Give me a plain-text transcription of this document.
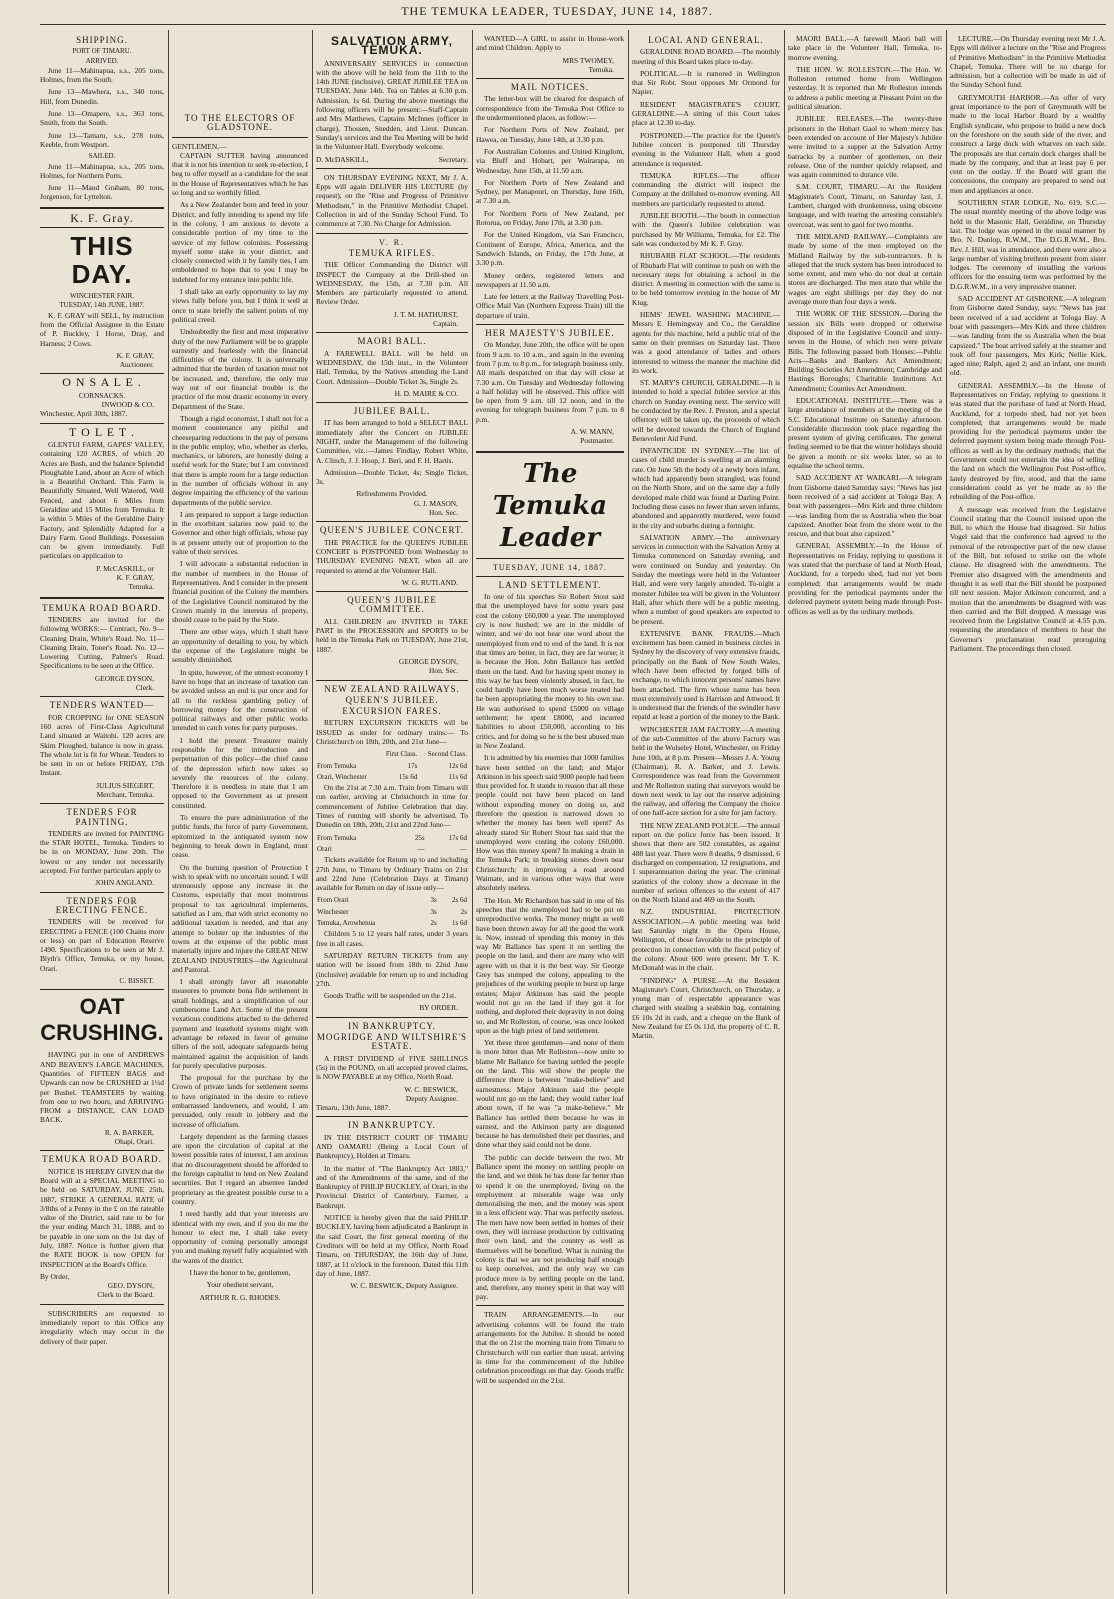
THE TEMUKA LEADER, TUESDAY, JUNE 14, 1887.
SHIPPING.
PORT OF TIMARU.
ARRIVED.

June 11—Mahinapua, s.s., 205 tons, Holmes, from the South.

June 13—Mawhera, s.s., 340 tons, Hill, from Dunedin.

June 13—Omapere, s.s., 363 tons, Smith, from the South.

June 13—Tamaru, s.s., 278 tons, Keeble, from Westport.

SAILED.

June 11—Mahinapua, s.s., 205 tons, Holmes, for Northern Ports.

June 11—Maud Graham, 80 tons, Jorgenson, for Lyttelton.

K. F. Gray.
THIS DAY.
WINCHESTER FAIR.
TUESDAY, 14th JUNE, 1887.

K. F. GRAY will SELL, by instruction from the Official Assignee in the Estate of P. Buckley, 1 Horse, Dray, and Harness; 2 Cows.

K. F. GRAY,
Auctioneer.
O N S A L E .
CORNSACKS.
INWOOD & CO.
Winchester, April 30th, 1887.
T O L E T .

GLENTUI FARM, GAPES' VALLEY, containing 120 ACRES, of which 20 Acres are Bush, and the balance Splendid Ploughable Land, about an Acre of which is a Beautiful Orchard. This Farm is Beautifully Situated, Well Watered, Well Fenced, and about 6 Miles from Geraldine and 15 Miles from Temuka. It is within 5 Miles of the Geraldine Dairy Factory, and Splendidly Adapted for a Dairy Farm. Good Buildings. Possession can be given immediately. Full particulars on application to

P. McCASKILL, or
K. F. GRAY,
Temuka.
TEMUKA ROAD BOARD.

TENDERS are invited for the following WORKS:— Contract, No. 9—Cleaning Drain, White's Road. No. 11—Cleaning Drain, Toner's Road. No. 12—Lowering Cutting, Palmer's Road. Specifications to be seen at the Office.

GEORGE DYSON,
Clerk.
TENDERS WANTED—

FOR CROPPING for ONE SEASON 160 acres of First-Class Agricultural Land situated at Waitohi. 120 acres are Skim Ploughed, balance is now in grass. The whole lot is fit for Wheat. Tenders to be sent in on or before FRIDAY, 17th Instant.

JULIUS SIEGERT,
Merchant, Temuka.
TENDERS FOR PAINTING.

TENDERS are invited for PAINTING the STAR HOTEL, Temuka. Tenders to be in on MONDAY, June 20th. The lowest or any tender not necessarily accepted. For further particulars apply to

JOHN ANGLAND.
TENDERS FOR ERECTING FENCE.

TENDERS will be received for ERECTING a FENCE (100 Chains more or less) on part of Education Reserve 1490. Specifications to be seen at Mr J. Blyth's Office, Temuka, or my house, Orari.

C. BISSET.
OAT CRUSHING.

HAVING put in one of ANDREWS AND BEAVEN'S LARGE MACHINES, Quantities of FIFTEEN BAGS and Upwards can now be CRUSHED at 1½d per Bushel. TEAMSTERS by waiting from one to two hours, and ARRIVING FROM a DISTANCE, CAN LOAD BACK.

R. A. BARKER,
Ohapi, Orari.
TEMUKA ROAD BOARD.

NOTICE IS HEREBY GIVEN that the Board will at a SPECIAL MEETING to be held on SATURDAY, JUNE 25th, 1887, STRIKE A GENERAL RATE of 3/8ths of a Penny in the £ on the rateable value of the District, said rate to be for the year ending March 31, 1888, and to be payable in one sum on the 1st day of July, 1887. Notice is further given that the RATE BOOK is now OPEN for INSPECTION at the Board's Office.

By Order,
GEO. DYSON,
Clerk to the Board.

SUBSCRIBERS are requested to immediately report to this Office any irregularity which may occur in the delivery of their paper.

TO THE ELECTORS OF GLADSTONE.
GENTLEMEN,—

CAPTAIN SUTTER having announced that it is not his intention to seek re-election, I beg to offer myself as a candidate for the seat in the House of Representatives which he has so long and so worthily filled.

As a New Zealander born and bred in your District, and fully intending to spend my life in the colony, I am anxious to devote a considerable portion of my time to the service of my fellow colonists. Possessing myself some stake in your district, and closely connected with it by family ties, I am emboldened to hope that to you I may be indebted for my entrance into public life.

I shall take an early opportunity to lay my views fully before you, but I think it well at once to state briefly the salient points of my political creed.

Undoubtedly the first and most imperative duty of the new Parliament will be to grapple earnestly and fearlessly with the financial difficulties of the colony. It is universally admitted that the burden of taxation must not be increased, and, therefore, the only true way out of our financial trouble is the practice of the most drastic economy in every Department of the State.

Though a rigid economist, I shall not for a moment countenance any pitiful and cheeseparing reductions in the pay of persons in the public employ, who, whether as clerks, mechanics, or laborers, are honestly doing a useful work for the State; but I am convinced that there is ample room for a large reduction in the number of officials without in any degree impairing the efficiency of the various departments of the public service.

I am prepared to support a large reduction in the exorbitant salaries now paid to the Governor and other high officials, whose pay is at present utterly out of proportion to the value of their services.

I will advocate a substantial reduction in the number of members in the House of Representatives. And I consider in the present financial position of the Colony the members of the Legislative Council nominated by the Crown mainly in the interests of property, should cease to be paid by the State.

There are other ways, which I shall have an opportunity of detailing to you, by which the expense of the Legislature might be sensibly diminished.

In spite, however, of the utmost economy I have no hope that an increase of taxation can be avoided unless an end is put once and for all to the reckless gambling policy of borrowing money for the construction of political railways and other public works intended to catch votes for party purposes.

I hold the present Treasurer mainly responsible for the introduction and perpetuation of this policy—the chief cause of the depression which now takes so severely the resources of the colony. Therefore it is needless to state that I am opposed to the Government as at present constituted.

To ensure the pure administration of the public funds, the force of party Government, epitomized in the antiquated system now beginning to break down in England, must cease.

On the burning question of Protection I wish to speak with no uncertain sound. I will strenuously oppose any increase in the Customs, especially that most monstrous proposal to tax agricultural implements, satisfied as I am, that with strict economy no additional taxation is needed, and that any attempt to bolster up the industries of the towns at the expense of the public must materially injure and injure the GREAT NEW ZEALAND INDUSTRIES—the Agricultural and Pastoral.

I shall strongly favor all reasonable measures to promote bona fide settlement in small holdings, and a simplification of our cumbersome Land Act. Some of the present vexatious conditions attached to the deferred payment and leasehold systems might with advantage be relaxed in favor of genuine tillers of the soil, adequate safeguards being maintained against the acquisition of lands for purely speculative purposes.

The proposal for the purchase by the Crown of private lands for settlement seems to have originated in the desire to relieve embarrassed landowners, and would, I am persuaded, only result in jobbery and the increase of officialism.

Largely dependent as the farming classes are upon the circulation of capital at the lowest possible rates of interest, I am anxious that no discouragement should be afforded to the foreign capitalist to lend on New Zealand securities. But I regard an absentee landed proprietary as the greatest possible curse to a country.

I need hardly add that your interests are identical with my own, and if you do me the honour to elect me, I shall take every opportunity of coming personally amongst you and making myself fully acquainted with the wants of the district.

I have the honor to be, gentlemen,

Your obedient servant,

ARTHUR R. G. RHODES.
SALVATION ARMY, TEMUKA.

ANNIVERSARY SERVICES in connection with the above will be held from the 11th to the 14th JUNE (inclusive). GREAT JUBILEE TEA on TUESDAY, June 14th. Tea on Tables at 6.30 p.m. Admission, 1s 6d. During the above meetings the following officers will be present:—Staff-Captain and Mrs Matthews, Captains McInnes (officer in charge), Thossen, Snedden, and Lieut. Duncan. Sunday's services and the Tea Meeting will be held in the Volunteer Hall. Everybody welcome.

D. McDASKILL,	Secretary.

ON THURSDAY EVENING NEXT, Mr J. A. Epps will again DELIVER HIS LECTURE (by request), on the "Rise and Progress of Primitive Methodism," in the Primitive Methodist Chapel. Collection in aid of the Sunday School Fund. To commence at 7.30. No Charge for Admission.

V. R.
TEMUKA RIFLES.

THE Officer Commanding the District will INSPECT the Company at the Drill-shed on WEDNESDAY, the 15th, at 7.30 p.m. All Members are particularly requested to attend. Review Order.

J. T. M. HATHURST,
Captain.
MAORI BALL.

A FAREWELL BALL will be held on WEDNESDAY, the 15th inst., in the Volunteer Hall, Temuka, by the Natives attending the Land Court. Admission—Double Ticket 3s, Single 2s.

H. D. MAIRE & CO.
JUBILEE BALL.

IT has been arranged to hold a SELECT BALL immediately after the Concert on JUBILEE NIGHT, under the Management of the following Committee, viz.:—James Findlay, Robert White, A. Clinch, J. J. Hoop, J. Beri, and F. H. Hartis.

Admission—Double Ticket, 4s; Single Ticket, 3s.

Refreshments Provided.
G. J. MASON,
Hon. Sec.
QUEEN'S JUBILEE CONCERT.

THE PRACTICE for the QUEEN'S JUBILEE CONCERT is POSTPONED from Wednesday to THURSDAY EVENING NEXT, when all are requested to attend at the Volunteer Hall.

W. G. RUTLAND.
QUEEN'S JUBILEE COMMITTEE.

ALL CHILDREN are INVITED to TAKE PART in the PROCESSION and SPORTS to be held in the Temuka Park on TUESDAY, June 21st, 1887.

GEORGE DYSON,
Hon. Sec.
NEW ZEALAND RAILWAYS.
QUEEN'S JUBILEE.
EXCURSION FARES.

RETURN EXCURSION TICKETS will be ISSUED as under for ordinary trains:— To Christchurch on 18th, 20th, and 21st June—

	First Class.	Second Class.
From Temuka	17s	12s 6d
Orari, Winchester	15s 6d	11s 6d

On the 21st at 7.30 a.m. Train from Timaru will run earlier, arriving at Christchurch in time for commencement of Jubilee Celebration that day. Times of running will shortly be advertised. To Dunedin on 18th, 20th, 21st and 22nd June—

From Temuka	25s	17s 6d
Orari	—	—

Tickets available for Return up to and including 27th June, to Timaru by Ordinary Trains on 21st and 22nd June (Celebration Days at Timaru) available for Return on day of issue only—

From Orari	3s	2s 6d
Winchester	3s	2s
Temuka, Arowhenua	2s	1s 6d

Children 5 to 12 years half rates, under 3 years free in all cases.

SATURDAY RETURN TICKETS from any station will be issued from 18th to 22nd June (inclusive) available for return up to and including 27th.

Goods Traffic will be suspended on the 21st.

BY ORDER.
IN BANKRUPTCY.
MOGRIDGE AND WILTSHIRE'S ESTATE.

A FIRST DIVIDEND of FIVE SHILLINGS (5s) in the POUND, on all accepted proved claims, is NOW PAYABLE at my Office, North Road.

W. C. BESWICK,
Deputy Assignee.
Timaru, 13th June, 1887.
IN BANKRUPTCY.

IN THE DISTRICT COURT OF TIMARU AND OAMARU (Being a Local Court of Bankruptcy), Holden at Timaru.

In the matter of "The Bankruptcy Act 1883," and of the Amendments of the same, and of the Bankruptcy of PHILIP BUCKLEY, of Orari, in the Provincial District of Canterbury, Farmer, a Bankrupt.

NOTICE is hereby given that the said PHILIP BUCKLEY, having been adjudicated a Bankrupt in the said Court, the first general meeting of the Creditors will be held at my Office, North Road Timaru, on THURSDAY, the 16th day of June, 1887, at 11 o'clock in the forenoon. Dated this 11th day of June, 1887.

W. C. BESWICK, Deputy Assignee.

WANTED—A GIRL to assist in House-work and mind Children. Apply to

MRS TWOMEY,
Temuka.
MAIL NOTICES.

The letter-box will be cleared for despatch of correspondence from the Temuka Post Office to the undermentioned places, as follow:—

For Northern Ports of New Zealand, per Hawea, on Tuesday, June 14th, at 3.30 p.m.

For Australian Colonies and United Kingdom, via Bluff and Hobart, per Wairarapa, on Wednesday, June 15th, at 11.50 a.m.

For Northern Ports of New Zealand and Sydney, per Manapouri, on Thursday, June 16th, at 7.30 a.m.

For Northern Ports of New Zealand, per Rotorua, on Friday, June 17th, at 3.30 p.m.

For the United Kingdom, via San Francisco, Continent of Europe, Africa, America, and the Sandwich Islands, on Friday, the 17th June, at 3.30 p.m.

Money orders, registered letters and newspapers at 11.50 a.m.

Late fee letters at the Railway Travelling Post-Office Mail Van (Northern Express Train) till the departure of train.

HER MAJESTY'S JUBILEE.

On Monday, June 20th, the office will be open from 9 a.m. to 10 a.m., and again in the evening from 7 p.m. to 8 p.m., for telegraph business only. All mails despatched on that day will close at 7.30 a.m. On Tuesday and Wednesday following a half holiday will be observed. This office will be open from 9 a.m. till 12 noon, and in the evening for telegraph business from 7 p.m. to 8 p.m.

A. W. MANN,
Postmaster.
The Temuka Leader
TUESDAY, JUNE 14, 1887.
LAND SETTLEMENT.

In one of his speeches Sir Robert Stout said that the unemployed have for some years past cost the colony £60,000 a year. The unemployed cry is now hushed; we are in the middle of winter, and we do not hear one word about the unemployed from end to end of the land. It is not that times are better, in fact, they are far worse; it is because the Hon. John Ballance has settled them on the land. And for having spent money in this way he has been violently abused, in fact, he could hardly have been much worse treated had he been appropriating the money to his own use. He was authorised to spend £5000 on village settlement; he spent £8000, and incurred liabilities to about £50,000, according to his critics, and for doing so he is the best abused man in New Zealand.

It is admitted by his enemies that 1000 families have been settled on the land; and Major Atkinson in his speech said 9000 people had been thus provided for. It stands to reason that all these people could not have been placed on land without expending money on doing so, and therefore the question is narrowed down to whether the money has been well spent? As already stated Sir Robert Stout has said that the unemployed were costing the colony £60,000. How was this money spent? In making a drain in the Temuka Park; in breaking stones down near Christchurch; in improving a road around Waimate, and in various other ways that were absolutely useless.

The Hon. Mr Richardson has said in one of his speeches that the unemployed had to be put on unreproductive works. The money might as well have been thrown away for all the good the work is. Now, instead of spending this money in this way Mr Ballance has spent it on settling the people on the land, and there are many who will agree with us that it is the best way. Sir George Grey has stumped the colony, appealing to the prejudices of the working people to burst up large estates; Major Atkinson has said the people would not go on the land if they got it for nothing, and deplored their depravity in not doing so, and Mr Rolleston, of course, was once looked upon as the high priest of land settlement.

Yet these three gentlemen—and none of them is more bitter than Mr Rolleston—now unite to blame Mr Ballance for having settled the people on the land. This will show the people the difference there is between "make-believe" and earnestness. Major Atkinson said the people would not go on the land; they would rather loaf about town, if he was "a make-believe." Mr Ballance has settled them because he was in earnest, and the Atkinson party are disgusted because he has demolished their pet theories, and done what they said could not be done.

The public can decide between the two. Mr Ballance spent the money on settling people on the land, and we think he has done far better than to spend it on the unemployed, living on the employment at miserable wage was only demoralising the men, and the money was spent in a less efficient way. That was perfectly useless. The men have now been settled in homes of their own, they will increase production by cultivating their own land, and the country as well as themselves will be benefited. What is ruining the colony is that we are not producing half enough to keep ourselves, and the only way we can produce more is by settling people on the land, and, therefore, any money spent in that way will pay.

TRAIN ARRANGEMENTS.—In our advertising columns will be found the train arrangements for the Jubilee. It should be noted that the on 21st the morning train from Timaru to Christchurch will run earlier than usual, arriving in time for the commencement of the Jubilee celebration proceedings on that day. Goods traffic will be suspended on the 21st.

LOCAL AND GENERAL.

GERALDINE ROAD BOARD.—The monthly meeting of this Board takes place to-day.

POLITICAL.—It is rumored in Wellington that Sir Robt. Stout opposes Mr Ormond for Napier.

RESIDENT MAGISTRATE'S COURT, GERALDINE.—A sitting of this Court takes place at 12.30 to-day.

POSTPONED.—The practice for the Queen's Jubilee concert is postponed till Thursday evening in the Volunteer Hall, when a good attendance is requested.

TEMUKA RIFLES.—The officer commanding the district will inspect the Company at the drillshed to-morrow evening. All members are particularly requested to attend.

JUBILEE BOOTH.—The booth in connection with the Queen's Jubilee celebration was purchased by Mr Williams, Temuka, for £2. The sale was conducted by Mr K. F. Gray.

RHUBARB FLAT SCHOOL.—The residents of Rhubarb Flat will continue to push on with the necessary steps for obtaining a school in the district. A meeting in connection with the same is to be held tomorrow evening in the house of Mr Kiug.

HEMS' JEWEL WASHING MACHINE.—Messrs E. Hemingway and Co., the Geraldine agents for this machine, held a public trial of the same on their premises on Saturday last. There was a good attendance of ladies and others interested to witness the manner the machine did its work.

ST. MARY'S CHURCH, GERALDINE.—It is intended to hold a special Jubilee service at this church on Sunday evening next. The service will be conducted by the Rev. J. Preston, and a special offertory will be taken up, the proceeds of which will be devoted towards the Church of England Benevolent Aid Fund.

INFANTICIDE IN SYDNEY.—The list of cases of child murder is swelling at an alarming rate. On June 5th the body of a newly born infant, which had apparently been strangled, was found on the North Shore, and on the same day a fully developed male child was found at Darling Point. Including these cases no fewer than seven infants, abandoned and apparently murdered, were found in the city and suburbs during a fortnight.

SALVATION ARMY.—The anniversary services in connection with the Salvation Army at Temuka commenced on Saturday evening, and were continued on Sunday and yesterday. On Sunday the meetings were held in the Volunteer Hall, and were very largely attended. To-night a monster Jubilee tea will be given in the Volunteer Hall, after which there will be a public meeting, when a number of good speakers are expected to be present.

EXTENSIVE BANK FRAUDS.—Much excitement has been caused in business circles in Sydney by the discovery of very extensive frauds, principally on the Bank of New South Wales, which have been effected by forged bills of exchange, to which innocent persons' names have been attached. The firm whose name has been most extensively used is Harrison and Attwood. It is understood that the friends of the swindler have repaid at least a portion of the money to the Bank.

WINCHESTER JAM FACTORY.—A meeting of the sub-Committee of the above Factory was held in the Wolseley Hotel, Winchester, on Friday June 10th, at 8 p.m. Present—Messrs J. A. Young (Chairman), R. A. Barker, and J. Lewis. Correspondence was read from the Government and Mr Rolleston stating that surveyors would be down next week to lay out the reserve adjoining the railway, and offering the Company the choice of one half-acre section for a site for jam factory.

THE NEW ZEALAND POLICE.—The annual report on the police force has been issued. It shows that there are 502 constables, as against 488 last year. There were 8 deaths, 9 dismissed, 6 discharged on compensation, 12 resignations, and 1 superannuation during the year. The criminal statistics of the colony show a decrease in the number of serious offences to the extent of 417 on the North Island and 469 on the South.

N.Z. INDUSTRIAL PROTECTION ASSOCIATION.—A public meeting was held last Saturday night in the Opera House, Wellington, of those favorable to the principle of protection in connection with the fiscal policy of the colony. About 600 were present. Mr T. K. McDonald was in the chair.

"FINDING" A PURSE.—At the Resident Magistrate's Court, Christchurch, on Thursday, a young man of respectable appearance was charged with stealing a sealskin bag, containing £6 10s 2d in cash, and a cheque on the Bank of New Zealand for £5 0s 11d, the property of C. R. Martin.

MAORI BALL.—A farewell Maori ball will take place in the Volunteer Hall, Temuka, to-morrow evening.

THE HON. W. ROLLESTON.—The Hon. W. Rolleston returned home from Wellington yesterday. It is reported that Mr Rolleston intends to address a public meeting at Pleasant Point on the political situation.

JUBILEE RELEASES.—The twenty-three prisoners in the Hobart Gaol to whom mercy has been extended on account of Her Majesty's Jubilee were invited to a supper at the Salvation Army barracks by a number of gentlemen, on their release. One of the number quickly relapsed, and was again committed to durance vile.

S.M. COURT, TIMARU.—At the Resident Magistrate's Court, Timaru, on Saturday last, J. Lambert, charged with drunkenness, using obscene language, and with tearing the arresting constable's overcoat, was sent to gaol for two months.

THE MIDLAND RAILWAY.—Complaints are made by some of the men employed on the Midland Railway by the sub-contractors. It is alleged that the truck system has been introduced to some extent, and men who do not deal at certain stores are discharged. The men state that while the wages are eight shillings per day they do not average more than four days a week.

THE WORK OF THE SESSION.—During the session six Bills were dropped or otherwise disposed of in the Legislative Council and sixty-seven in the House, of which two were private Bills. The following passed both Houses:—Public Acts—Banks and Bankers Act Amendment; Building Societies Act Amendment; Cambridge and Hastings Boroughs; Charitable Institutions Act Amendment; Counties Act Amendment.

EDUCATIONAL INSTITUTE.—There was a large attendance of members at the meeting of the S.C. Educational Institute on Saturday afternoon. Considerable discussion took place regarding the present system of giving certificates. The general feeling seemed to be that the winter holidays should be given a month or six weeks later, so as to equalise the school terms.

SAD ACCIDENT AT WAIKARI.—A telegram from Gisborne dated Saturday says: "News has just been received of a sad accident at Tologa Bay. A boat with passengers—Mrs Kirk and three children—was landing from the ss Australia when the boat capsized. Another boat from the shore went to the rescue, and that boat also capsized."

GENERAL ASSEMBLY.—In the House of Representatives on Friday, replying to questions it was stated that the purchase of land at North Head, Auckland, for a torpedo shed, had not yet been completed; that arrangements would be made providing for the periodical payments under the deferred payment system being made through Post-offices as well as by the ordinary methods.

LECTURE.—On Thursday evening next Mr J. A. Epps will deliver a lecture on the "Rise and Progress of Primitive Methodism" in the Primitive Methodist Chapel, Temuka. There will be no charge for admission, but a collection will be made in aid of the Sunday School fund.

GREYMOUTH HARBOR.—An offer of very great importance to the port of Greymouth will be made to the local Harbor Board by a wealthy English syndicate, who propose to build a new dock on the foreshore on the south side of the river, and construct a large dock with wharves on each side. The proposals are that certain dock charges shall be made by the company, and that at least pay 6 per cent on the outlay. If the Board will grant the concessions, the company are prepared to send out men and appliances at once.

SOUTHERN STAR LODGE, No. 619, S.C.—The usual monthly meeting of the above lodge was held in the Masonic Hall, Geraldine, on Thursday last. The lodge was opened in the usual manner by Bro. N. Dunlop, R.W.M., The D.G.R.W.M., Bro. Rev. J. Hill, was in attendance, and there were also a large number of visiting brethren present from sister lodges. The ceremony of installing the various officers for the ensuing term was performed by the D.G.R.W.M., in a very impressive manner.

SAD ACCIDENT AT GISBORNE.—A telegram from Gisborne dated Sunday, says: "News has just been received of a sad accident at Tologa Bay. A boat with passengers—Mrs Kirk and three children—was landing from the ss Australia when the boat capsized." The boat arrived safely at the steamer and took off four passengers, Mrs Kirk; Nellie Kirk, aged nine; Ralph, aged 2; and an infant, one month old.

GENERAL ASSEMBLY.—In the House of Representatives on Friday, replying to questions it was stated that the purchase of land at North Head, Auckland, for a torpedo shed, had not yet been completed; that arrangements would be made providing for the periodical payments under the deferred payment system being made through Post-offices as well as by the ordinary methods; that the Government could not entertain the idea of selling the land on which the Wellington Post Post-office, lately destroyed by fire, stood, and that the same consideration could as yet be made as to the rebuilding of the Post-office.

A message was received from the Legislative Council stating that the Council insisted upon the Bill, to which the House had disagreed. Sir Julius Vogel said that the conference had agreed to the removal of the retrospective part of the new clause of the Bill, but refused to strike out the whole clause. He disagreed with the amendments. The Premier also disagreed with the amendments and thought it as well that the Bill should be postponed till next session. Major Atkinson concurred, and a motion that the amendments be disagreed with was then carried and the Bill dropped. A message was received from the Legislative Council at 4.55 p.m. requesting the attendance of members to hear the Governor's proclamation read proroguing Parliament. The proceedings then closed.
